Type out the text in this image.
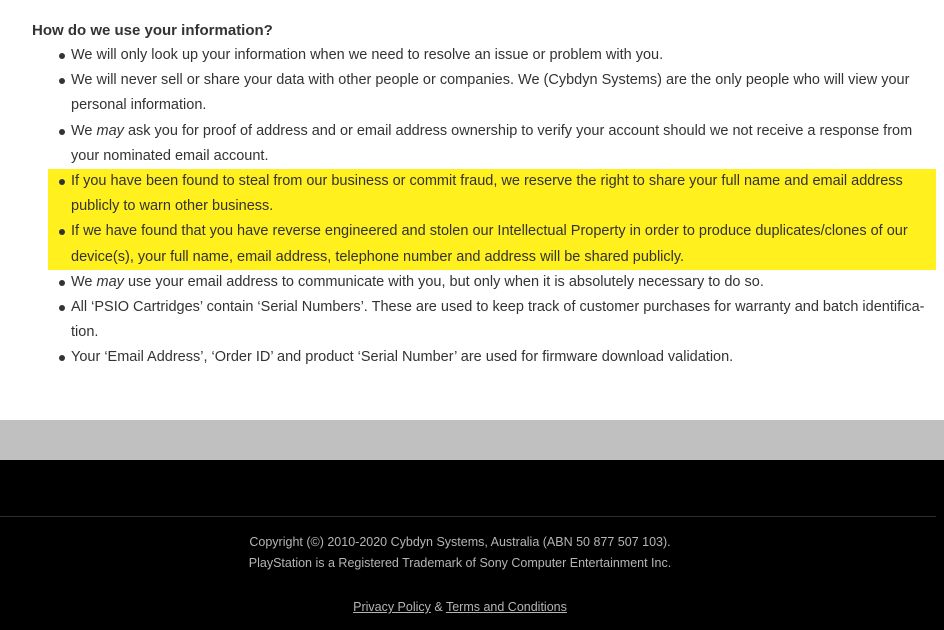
How do we use your information?
We will only look up your information when we need to resolve an issue or problem with you.
We will never sell or share your data with other people or companies. We (Cybdyn Systems) are the only people who will view your personal information.
We may ask you for proof of address and or email address ownership to verify your account should we not receive a response from your nominated email account.
If you have been found to steal from our business or commit fraud, we reserve the right to share your full name and email address publicly to warn other business.
If we have found that you have reverse engineered and stolen our Intellectual Property in order to produce duplicates/clones of our device(s), your full name, email address, telephone number and address will be shared publicly.
We may use your email address to communicate with you, but only when it is absolutely necessary to do so.
All ‘PSIO Cartridges’ contain ‘Serial Numbers’. These are used to keep track of customer purchases for warranty and batch identifica-tion.
Your ‘Email Address’, ‘Order ID’ and product ‘Serial Number’ are used for firmware download validation.
Copyright (©) 2010-2020 Cybdyn Systems, Australia (ABN 50 877 507 103).
PlayStation is a Registered Trademark of Sony Computer Entertainment Inc.
Privacy Policy & Terms and Conditions
